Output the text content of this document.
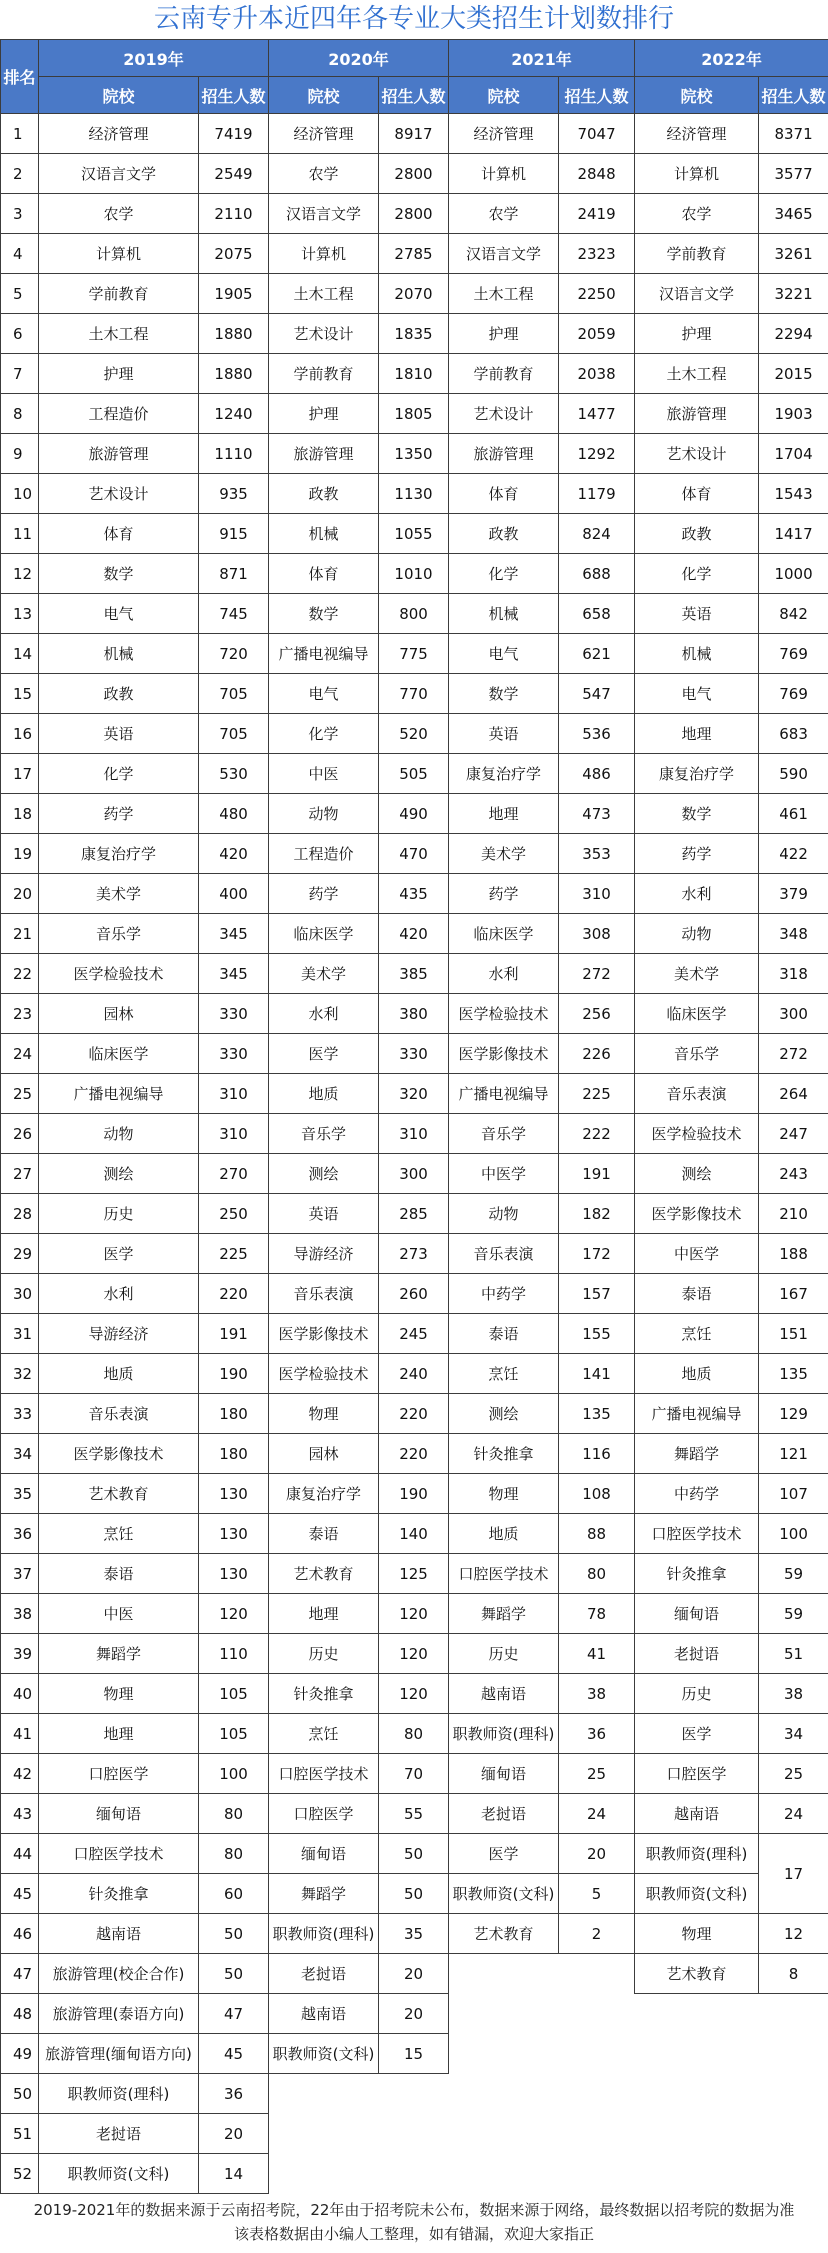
云南专升本近四年各专业大类招生计划数排行
排名	2019年		2020年		2021年		2022年	
	院校	招生人数	院校	招生人数	院校	招生人数	院校	招生人数
1	经济管理	7419	经济管理	8917	经济管理	7047	经济管理	8371
2	汉语言文学	2549	农学	2800	计算机	2848	计算机	3577
3	农学	2110	汉语言文学	2800	农学	2419	农学	3465
4	计算机	2075	计算机	2785	汉语言文学	2323	学前教育	3261
5	学前教育	1905	土木工程	2070	土木工程	2250	汉语言文学	3221
6	土木工程	1880	艺术设计	1835	护理	2059	护理	2294
7	护理	1880	学前教育	1810	学前教育	2038	土木工程	2015
8	工程造价	1240	护理	1805	艺术设计	1477	旅游管理	1903
9	旅游管理	1110	旅游管理	1350	旅游管理	1292	艺术设计	1704
10	艺术设计	935	政教	1130	体育	1179	体育	1543
11	体育	915	机械	1055	政教	824	政教	1417
12	数学	871	体育	1010	化学	688	化学	1000
13	电气	745	数学	800	机械	658	英语	842
14	机械	720	广播电视编导	775	电气	621	机械	769
15	政教	705	电气	770	数学	547	电气	769
16	英语	705	化学	520	英语	536	地理	683
17	化学	530	中医	505	康复治疗学	486	康复治疗学	590
18	药学	480	动物	490	地理	473	数学	461
19	康复治疗学	420	工程造价	470	美术学	353	药学	422
20	美术学	400	药学	435	药学	310	水利	379
21	音乐学	345	临床医学	420	临床医学	308	动物	348
22	医学检验技术	345	美术学	385	水利	272	美术学	318
23	园林	330	水利	380	医学检验技术	256	临床医学	300
24	临床医学	330	医学	330	医学影像技术	226	音乐学	272
25	广播电视编导	310	地质	320	广播电视编导	225	音乐表演	264
26	动物	310	音乐学	310	音乐学	222	医学检验技术	247
27	测绘	270	测绘	300	中医学	191	测绘	243
28	历史	250	英语	285	动物	182	医学影像技术	210
29	医学	225	导游经济	273	音乐表演	172	中医学	188
30	水利	220	音乐表演	260	中药学	157	泰语	167
31	导游经济	191	医学影像技术	245	泰语	155	烹饪	151
32	地质	190	医学检验技术	240	烹饪	141	地质	135
33	音乐表演	180	物理	220	测绘	135	广播电视编导	129
34	医学影像技术	180	园林	220	针灸推拿	116	舞蹈学	121
35	艺术教育	130	康复治疗学	190	物理	108	中药学	107
36	烹饪	130	泰语	140	地质	88	口腔医学技术	100
37	泰语	130	艺术教育	125	口腔医学技术	80	针灸推拿	59
38	中医	120	地理	120	舞蹈学	78	缅甸语	59
39	舞蹈学	110	历史	120	历史	41	老挝语	51
40	物理	105	针灸推拿	120	越南语	38	历史	38
41	地理	105	烹饪	80	职教师资(理科)	36	医学	34
42	口腔医学	100	口腔医学技术	70	缅甸语	25	口腔医学	25
43	缅甸语	80	口腔医学	55	老挝语	24	越南语	24
44	口腔医学技术	80	缅甸语	50	医学	20	职教师资(理科)	17
45	针灸推拿	60	舞蹈学	50	职教师资(文科)	5	职教师资(文科)	
46	越南语	50	职教师资(理科)	35	艺术教育	2	物理	12
47	旅游管理(校企合作)	50	老挝语	20			艺术教育	8
48	旅游管理(泰语方向)	47	越南语	20				
49	旅游管理(缅甸语方向)	45	职教师资(文科)	15				
50	职教师资(理科)	36						
51	老挝语	20						
52	职教师资(文科)	14						
2019-2021年的数据来源于云南招考院，22年由于招考院未公布，数据来源于网络，最终数据以招考院的数据为准
该表格数据由小编人工整理，如有错漏，欢迎大家指正
